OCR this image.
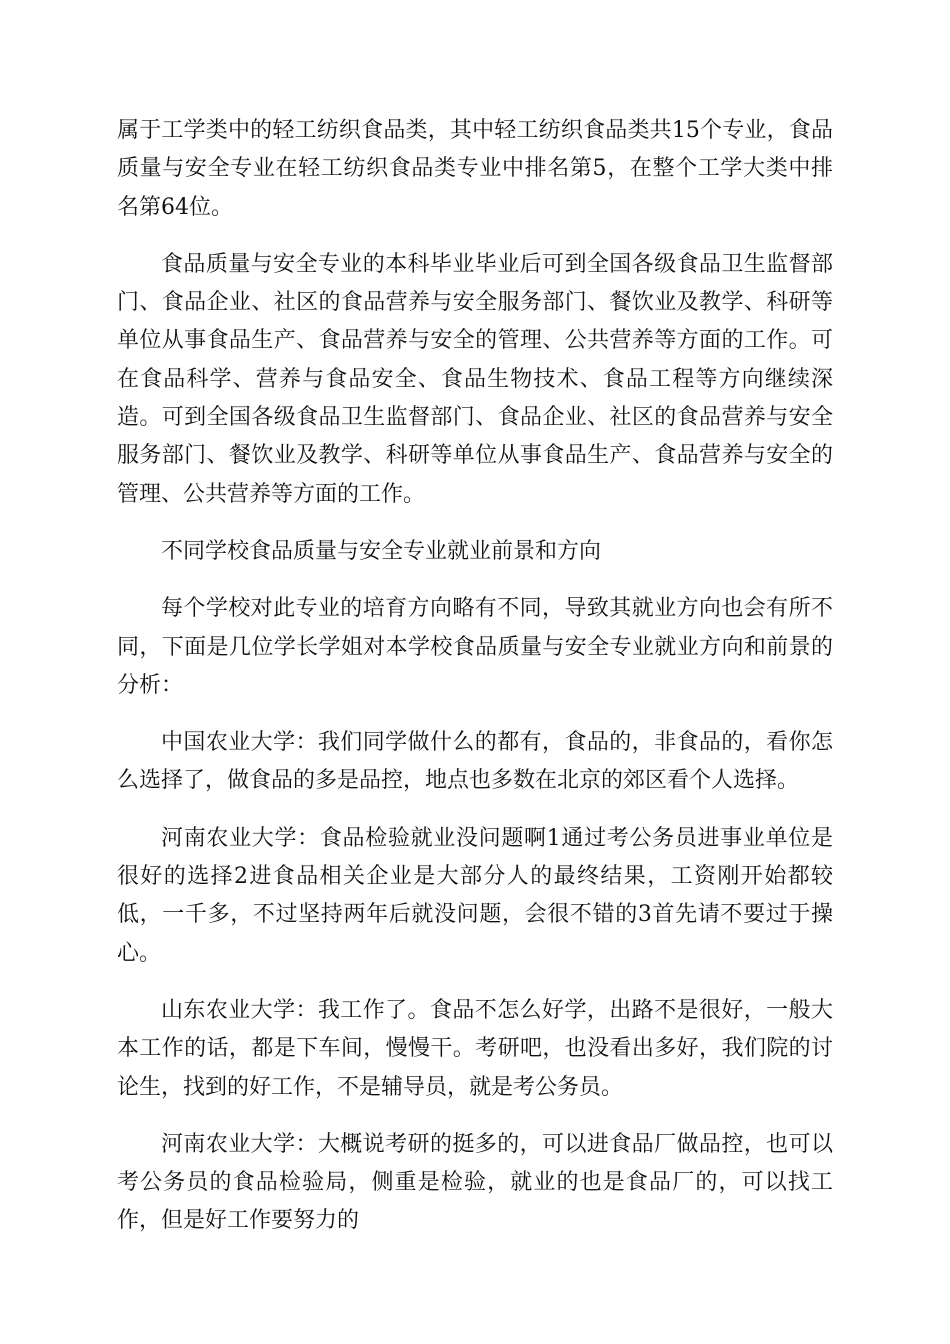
属于工学类中的轻工纺织食品类，其中轻工纺织食品类共15个专业，食品质量与安全专业在轻工纺织食品类专业中排名第5，在整个工学大类中排名第64位。

食品质量与安全专业的本科毕业毕业后可到全国各级食品卫生监督部门、食品企业、社区的食品营养与安全服务部门、餐饮业及教学、科研等单位从事食品生产、食品营养与安全的管理、公共营养等方面的工作。可在食品科学、营养与食品安全、食品生物技术、食品工程等方向继续深造。可到全国各级食品卫生监督部门、食品企业、社区的食品营养与安全服务部门、餐饮业及教学、科研等单位从事食品生产、食品营养与安全的管理、公共营养等方面的工作。

不同学校食品质量与安全专业就业前景和方向

每个学校对此专业的培育方向略有不同，导致其就业方向也会有所不同，下面是几位学长学姐对本学校食品质量与安全专业就业方向和前景的分析：

中国农业大学：我们同学做什么的都有，食品的，非食品的，看你怎么选择了，做食品的多是品控，地点也多数在北京的郊区看个人选择。

河南农业大学：食品检验就业没问题啊1通过考公务员进事业单位是很好的选择2进食品相关企业是大部分人的最终结果，工资刚开始都较低，一千多，不过坚持两年后就没问题，会很不错的3首先请不要过于操心。

山东农业大学：我工作了。食品不怎么好学，出路不是很好，一般大本工作的话，都是下车间，慢慢干。考研吧，也没看出多好，我们院的讨论生，找到的好工作，不是辅导员，就是考公务员。

河南农业大学：大概说考研的挺多的，可以进食品厂做品控，也可以考公务员的食品检验局，侧重是检验，就业的也是食品厂的，可以找工作，但是好工作要努力的
